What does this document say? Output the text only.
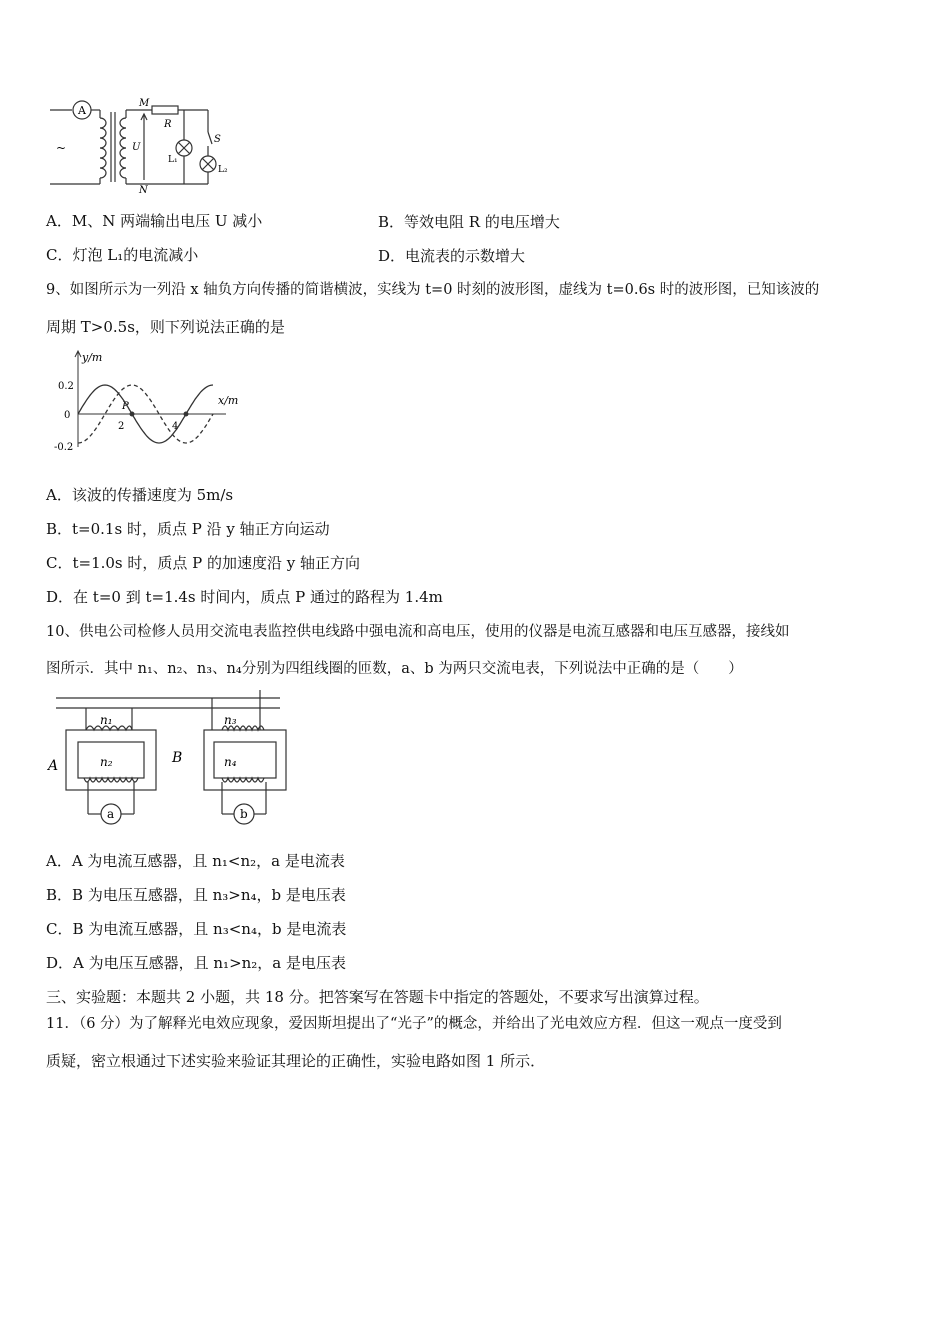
A
~
M
N
R
U
S
L₁
L₂
A．M、N 两端输出电压 U 减小	B．等效电阻 R 的电压增大
C．灯泡 L₁的电流减小	D．电流表的示数增大
9、如图所示为一列沿 x 轴负方向传播的简谐横波，实线为 t=0 时刻的波形图，虚线为 t=0.6s 时的波形图，已知该波的
周期 T>0.5s，则下列说法正确的是
y/m
x/m
0.2
0
-0.2
2	4
P
A．该波的传播速度为 5m/s
B．t=0.1s 时，质点 P 沿 y 轴正方向运动
C．t=1.0s 时，质点 P 的加速度沿 y 轴正方向
D．在 t=0 到 t=1.4s 时间内，质点 P 通过的路程为 1.4m
10、供电公司检修人员用交流电表监控供电线路中强电流和高电压，使用的仪器是电流互感器和电压互感器，接线如
图所示．其中 n₁、n₂、n₃、n₄分别为四组线圈的匝数，a、b 为两只交流电表，下列说法中正确的是（　　）
A	B
n₁
n₂
n₃
n₄
a	b
A．A 为电流互感器，且 n₁<n₂，a 是电流表
B．B 为电压互感器，且 n₃>n₄，b 是电压表
C．B 为电流互感器，且 n₃<n₄，b 是电流表
D．A 为电压互感器，且 n₁>n₂，a 是电压表
三、实验题：本题共 2 小题，共 18 分。把答案写在答题卡中指定的答题处，不要求写出演算过程。
11．（6 分）为了解释光电效应现象，爱因斯坦提出了“光子”的概念，并给出了光电效应方程．但这一观点一度受到
质疑，密立根通过下述实验来验证其理论的正确性，实验电路如图 1 所示．
